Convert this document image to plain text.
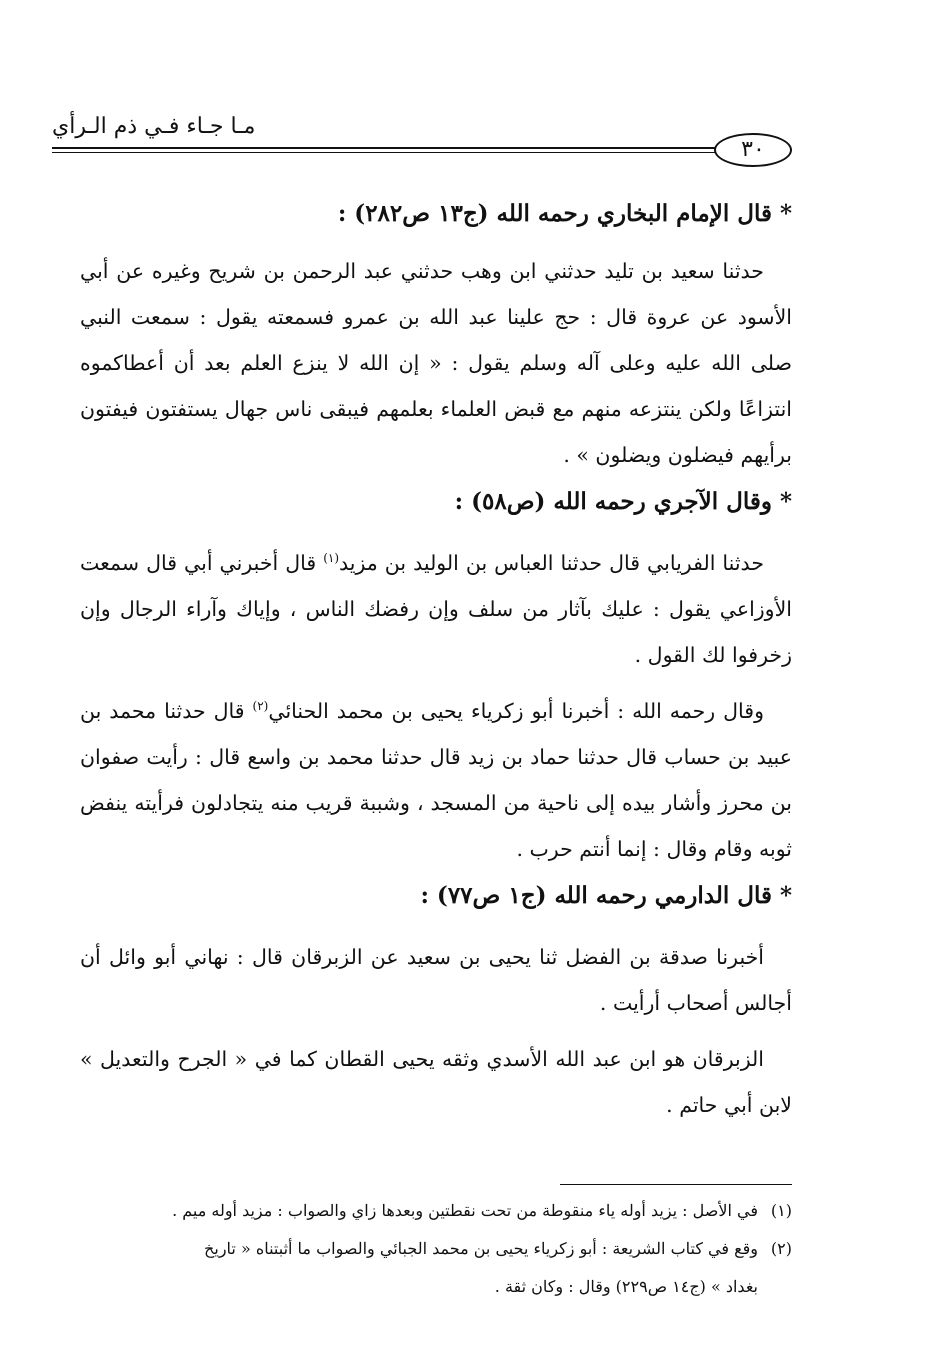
مـا جـاء فـي ذم الـرأي
٣٠

* قال الإمام البخاري رحمه الله (ج١٣ ص٢٨٢) :

حدثنا سعيد بن تليد حدثني ابن وهب حدثني عبد الرحمن بن شريح وغيره عن أبي الأسود عن عروة قال : حج علينا عبد الله بن عمرو فسمعته يقول : سمعت النبي صلى الله عليه وعلى آله وسلم يقول : « إن الله لا ينزع العلم بعد أن أعطاكموه انتزاعًا ولكن ينتزعه منهم مع قبض العلماء بعلمهم فيبقى ناس جهال يستفتون فيفتون برأيهم فيضلون ويضلون » .

* وقال الآجري رحمه الله (ص٥٨) :

حدثنا الفريابي قال حدثنا العباس بن الوليد بن مزيد$^{(١)}$ قال أخبرني أبي قال سمعت الأوزاعي يقول : عليك بآثار من سلف وإن رفضك الناس ، وإياك وآراء الرجال وإن زخرفوا لك القول .

وقال رحمه الله : أخبرنا أبو زكرياء يحيى بن محمد الحنائي$^{(٢)}$ قال حدثنا محمد بن عبيد بن حساب قال حدثنا حماد بن زيد قال حدثنا محمد بن واسع قال : رأيت صفوان بن محرز وأشار بيده إلى ناحية من المسجد ، وشببة قريب منه يتجادلون فرأيته ينفض ثوبه وقام وقال : إنما أنتم حرب .

* قال الدارمي رحمه الله (ج١ ص٧٧) :

أخبرنا صدقة بن الفضل ثنا يحيى بن سعيد عن الزبرقان قال : نهاني أبو وائل أن أجالس أصحاب أرأيت .

الزبرقان هو ابن عبد الله الأسدي وثقه يحيى القطان كما في « الجرح والتعديل » لابن أبي حاتم .

(١)في الأصل : يزيد أوله ياء منقوطة من تحت نقطتين وبعدها زاي والصواب : مزيد أوله ميم .

(٢)وقع في كتاب الشريعة : أبو زكرياء يحيى بن محمد الجبائي والصواب ما أثبتناه « تاريخ
بغداد » (ج١٤ ص٢٢٩) وقال : وكان ثقة .
